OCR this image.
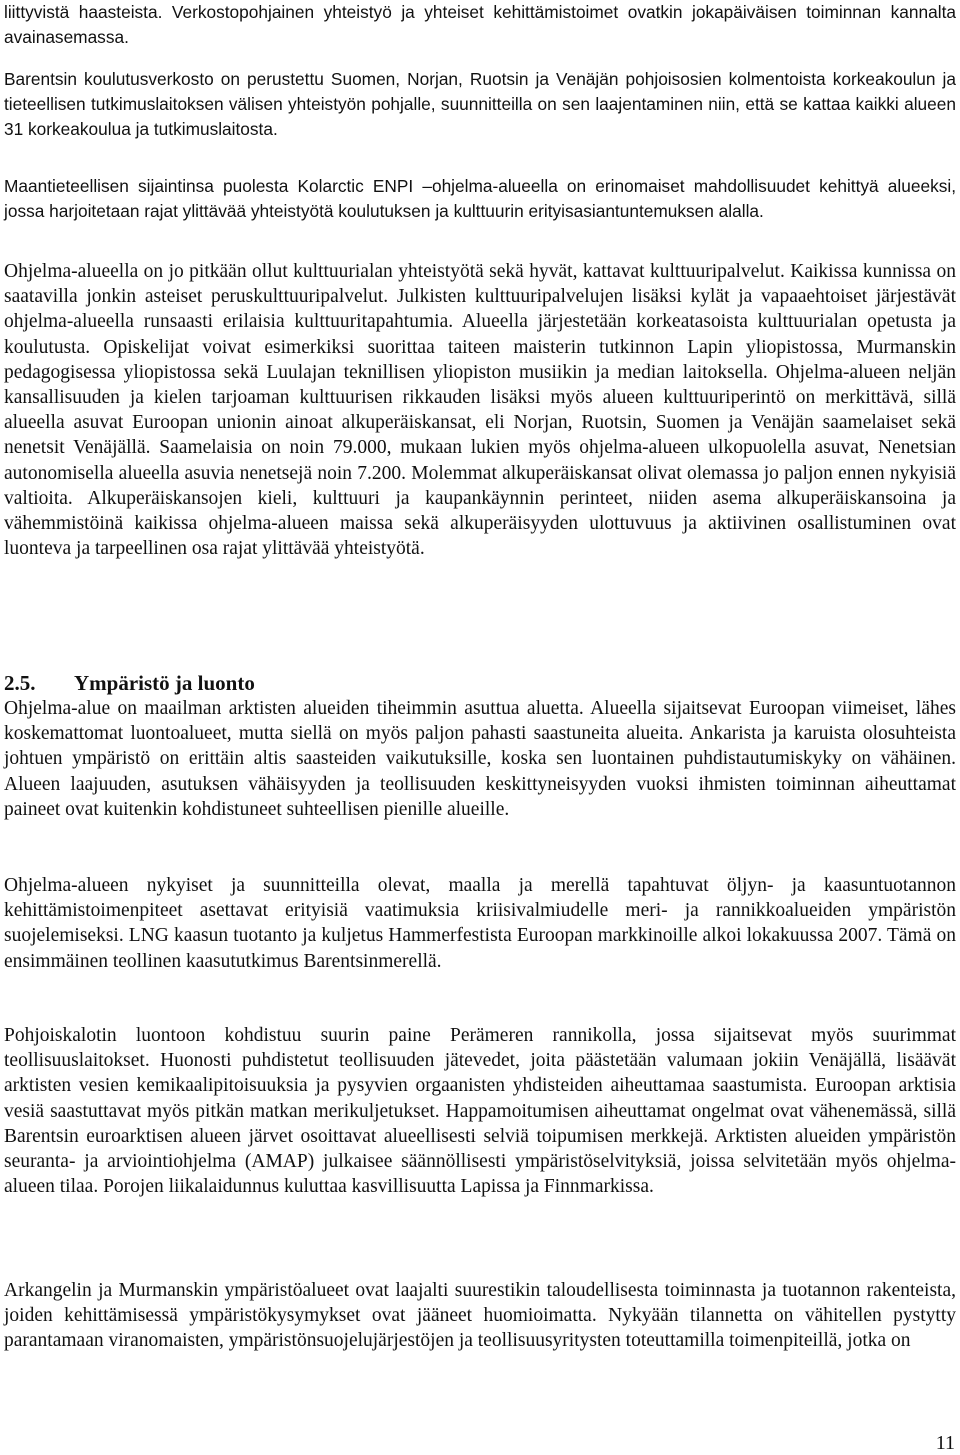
liittyvistä haasteista. Verkostopohjainen yhteistyö ja yhteiset kehittämistoimet ovatkin jokapäiväisen toiminnan kannalta avainasemassa.
Barentsin koulutusverkosto on perustettu Suomen, Norjan, Ruotsin ja Venäjän pohjoisosien kolmentoista korkeakoulun ja tieteellisen tutkimuslaitoksen välisen yhteistyön pohjalle, suunnitteilla on sen laajentaminen niin, että se kattaa kaikki alueen 31 korkeakoulua ja tutkimuslaitosta.
Maantieteellisen sijaintinsa puolesta Kolarctic ENPI –ohjelma-alueella on erinomaiset mahdollisuudet kehittyä alueeksi, jossa harjoitetaan rajat ylittävää yhteistyötä koulutuksen ja kulttuurin erityisasiantuntemuksen alalla.
Ohjelma-alueella on jo pitkään ollut kulttuurialan yhteistyötä sekä hyvät, kattavat kulttuuripalvelut. Kaikissa kunnissa on saatavilla jonkin asteiset peruskulttuuripalvelut. Julkisten kulttuuripalvelujen lisäksi kylät ja vapaaehtoiset järjestävät ohjelma-alueella runsaasti erilaisia kulttuuritapahtumia. Alueella järjestetään korkeatasoista kulttuurialan opetusta ja koulutusta. Opiskelijat voivat esimerkiksi suorittaa taiteen maisterin tutkinnon Lapin yliopistossa, Murmanskin pedagogisessa yliopistossa sekä Luulajan teknillisen yliopiston musiikin ja median laitoksella. Ohjelma-alueen neljän kansallisuuden ja kielen tarjoaman kulttuurisen rikkauden lisäksi myös alueen kulttuuriperintö on merkittävä, sillä alueella asuvat Euroopan unionin ainoat alkuperäiskansat, eli Norjan, Ruotsin, Suomen ja Venäjän saamelaiset sekä nenetsit Venäjällä. Saamelaisia on noin 79.000, mukaan lukien myös ohjelma-alueen ulkopuolella asuvat, Nenetsian autonomisella alueella asuvia nenetsejä noin 7.200. Molemmat alkuperäiskansat olivat olemassa jo paljon ennen nykyisiä valtioita. Alkuperäiskansojen kieli, kulttuuri ja kaupankäynnin perinteet, niiden asema alkuperäiskansoina ja vähemmistöinä kaikissa ohjelma-alueen maissa sekä alkuperäisyyden ulottuvuus ja aktiivinen osallistuminen ovat luonteva ja tarpeellinen osa rajat ylittävää yhteistyötä.
2.5. Ympäristö ja luonto
Ohjelma-alue on maailman arktisten alueiden tiheimmin asuttua aluetta. Alueella sijaitsevat Euroopan viimeiset, lähes koskemattomat luontoalueet, mutta siellä on myös paljon pahasti saastuneita alueita. Ankarista ja karuista olosuhteista johtuen ympäristö on erittäin altis saasteiden vaikutuksille, koska sen luontainen puhdistautumiskyky on vähäinen. Alueen laajuuden, asutuksen vähäisyyden ja teollisuuden keskittyneisyyden vuoksi ihmisten toiminnan aiheuttamat paineet ovat kuitenkin kohdistuneet suhteellisen pienille alueille.
Ohjelma-alueen nykyiset ja suunnitteilla olevat, maalla ja merellä tapahtuvat öljyn- ja kaasuntuotannon kehittämistoimenpiteet asettavat erityisiä vaatimuksia kriisivalmiudelle meri- ja rannikkoalueiden ympäristön suojelemiseksi. LNG kaasun tuotanto ja kuljetus Hammerfestista Euroopan markkinoille alkoi lokakuussa 2007. Tämä on ensimmäinen teollinen kaasututkimus Barentsinmerellä.
Pohjoiskalotin luontoon kohdistuu suurin paine Perämeren rannikolla, jossa sijaitsevat myös suurimmat teollisuuslaitokset. Huonosti puhdistetut teollisuuden jätevedet, joita päästetään valumaan jokiin Venäjällä, lisäävät arktisten vesien kemikaalipitoisuuksia ja pysyvien orgaanisten yhdisteiden aiheuttamaa saastumista. Euroopan arktisia vesiä saastuttavat myös pitkän matkan merikuljetukset. Happamoitumisen aiheuttamat ongelmat ovat vähenemässä, sillä Barentsin euroarktisen alueen järvet osoittavat alueellisesti selviä toipumisen merkkejä. Arktisten alueiden ympäristön seuranta- ja arviointiohjelma (AMAP) julkaisee säännöllisesti ympäristöselvityksiä, joissa selvitetään myös ohjelma-alueen tilaa. Porojen liikalaidunnus kuluttaa kasvillisuutta Lapissa ja Finnmarkissa.
Arkangelin ja Murmanskin ympäristöalueet ovat laajalti suurestikin taloudellisesta toiminnasta ja tuotannon rakenteista, joiden kehittämisessä ympäristökysymykset ovat jääneet huomioimatta. Nykyään tilannetta on vähitellen pystytty parantamaan viranomaisten, ympäristönsuojelujärjestöjen ja teollisuusyritysten toteuttamilla toimenpiteillä, jotka on
11
